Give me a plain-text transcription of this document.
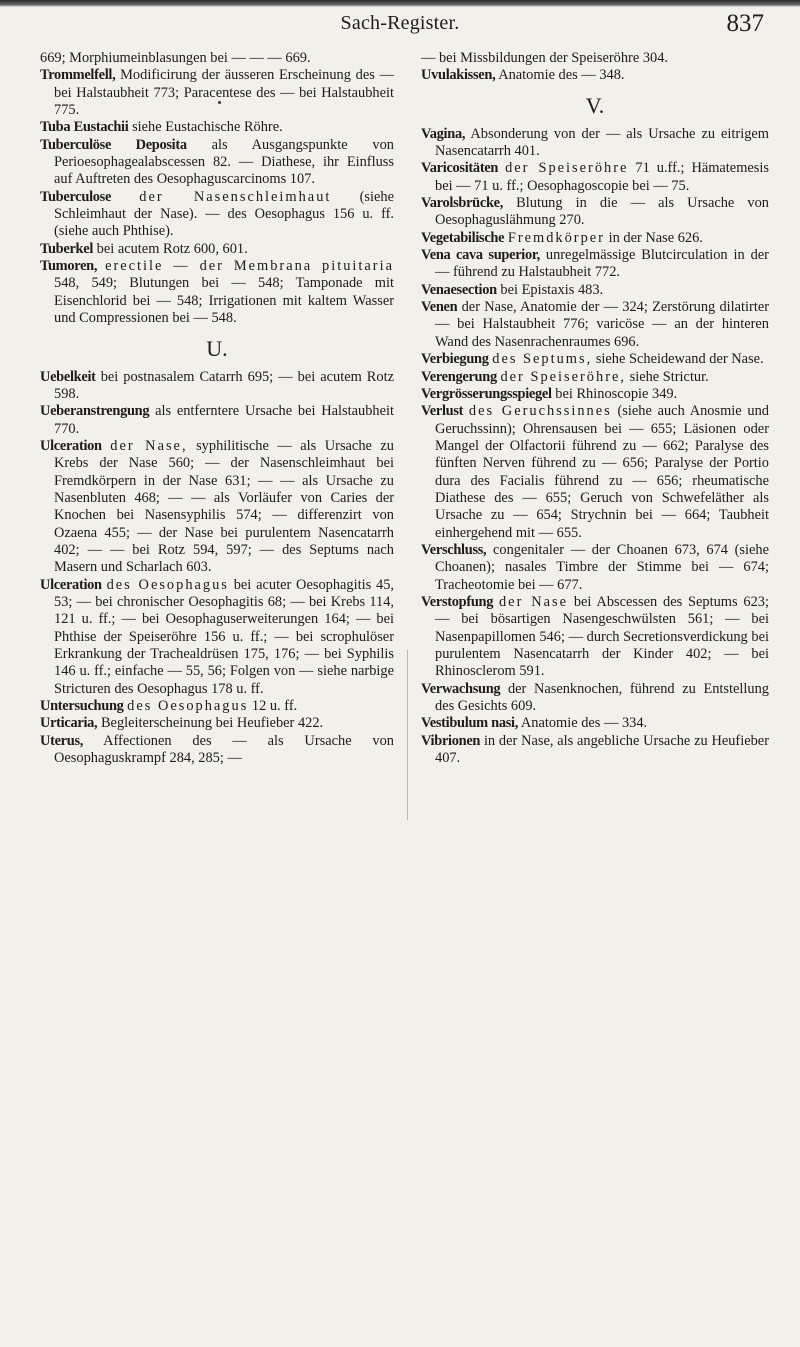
Sach-Register.	837

669; Morphiumeinblasungen bei — — — 669.

Trommelfell, Modificirung der äusseren Erscheinung des — bei Halstaubheit 773; Paracentese des — bei Halstaubheit 775.

Tuba Eustachii siehe Eustachische Röhre.

Tuberculöse Deposita als Ausgangspunkte von Perioesophagealabscessen 82. — Diathese, ihr Einfluss auf Auftreten des Oesophaguscarcinoms 107.

Tuberculose der Nasenschleimhaut (siehe Schleimhaut der Nase). — des Oesophagus 156 u. ff. (siehe auch Phthise).

Tuberkel bei acutem Rotz 600, 601.

Tumoren, erectile — der Membrana pituitaria 548, 549; Blutungen bei — 548; Tamponade mit Eisenchlorid bei — 548; Irrigationen mit kaltem Wasser und Compressionen bei — 548.

U.

Uebelkeit bei postnasalem Catarrh 695; — bei acutem Rotz 598.

Ueberanstrengung als entferntere Ursache bei Halstaubheit 770.

Ulceration der Nase, syphilitische — als Ursache zu Krebs der Nase 560; — der Nasenschleimhaut bei Fremdkörpern in der Nase 631; — — als Ursache zu Nasenbluten 468; — — als Vorläufer von Caries der Knochen bei Nasensyphilis 574; — differenzirt von Ozaena 455; — der Nase bei purulentem Nasencatarrh 402; — — bei Rotz 594, 597; — des Septums nach Masern und Scharlach 603.

Ulceration des Oesophagus bei acuter Oesophagitis 45, 53; — bei chronischer Oesophagitis 68; — bei Krebs 114, 121 u. ff.; — bei Oesophaguserweiterungen 164; — bei Phthise der Speiseröhre 156 u. ff.; — bei scrophulöser Erkrankung der Trachealdrüsen 175, 176; — bei Syphilis 146 u. ff.; einfache — 55, 56; Folgen von — siehe narbige Stricturen des Oesophagus 178 u. ff.

Untersuchung des Oesophagus 12 u. ff.

Urticaria, Begleiterscheinung bei Heufieber 422.

Uterus, Affectionen des — als Ursache von Oesophaguskrampf 284, 285; —

— bei Missbildungen der Speiseröhre 304.

Uvulakissen, Anatomie des — 348.

V.

Vagina, Absonderung von der — als Ursache zu eitrigem Nasencatarrh 401.

Varicositäten der Speiseröhre 71 u.ff.; Hämatemesis bei — 71 u. ff.; Oesophagoscopie bei — 75.

Varolsbrücke, Blutung in die — als Ursache von Oesophaguslähmung 270.

Vegetabilische Fremdkörper in der Nase 626.

Vena cava superior, unregelmässige Blutcirculation in der — führend zu Halstaubheit 772.

Venaesection bei Epistaxis 483.

Venen der Nase, Anatomie der — 324; Zerstörung dilatirter — bei Halstaubheit 776; varicöse — an der hinteren Wand des Nasenrachenraumes 696.

Verbiegung des Septums, siehe Scheidewand der Nase.

Verengerung der Speiseröhre, siehe Strictur.

Vergrösserungsspiegel bei Rhinoscopie 349.

Verlust des Geruchssinnes (siehe auch Anosmie und Geruchssinn); Ohrensausen bei — 655; Läsionen oder Mangel der Olfactorii führend zu — 662; Paralyse des fünften Nerven führend zu — 656; Paralyse der Portio dura des Facialis führend zu — 656; rheumatische Diathese des — 655; Geruch von Schwefeläther als Ursache zu — 654; Strychnin bei — 664; Taubheit einhergehend mit — 655.

Verschluss, congenitaler — der Choanen 673, 674 (siehe Choanen); nasales Timbre der Stimme bei — 674; Tracheotomie bei — 677.

Verstopfung der Nase bei Abscessen des Septums 623; — bei bösartigen Nasengeschwülsten 561; — bei Nasenpapillomen 546; — durch Secretionsverdickung bei purulentem Nasencatarrh der Kinder 402; — bei Rhinosclerom 591.

Verwachsung der Nasenknochen, führend zu Entstellung des Gesichts 609.

Vestibulum nasi, Anatomie des — 334.

Vibrionen in der Nase, als angebliche Ursache zu Heufieber 407.
